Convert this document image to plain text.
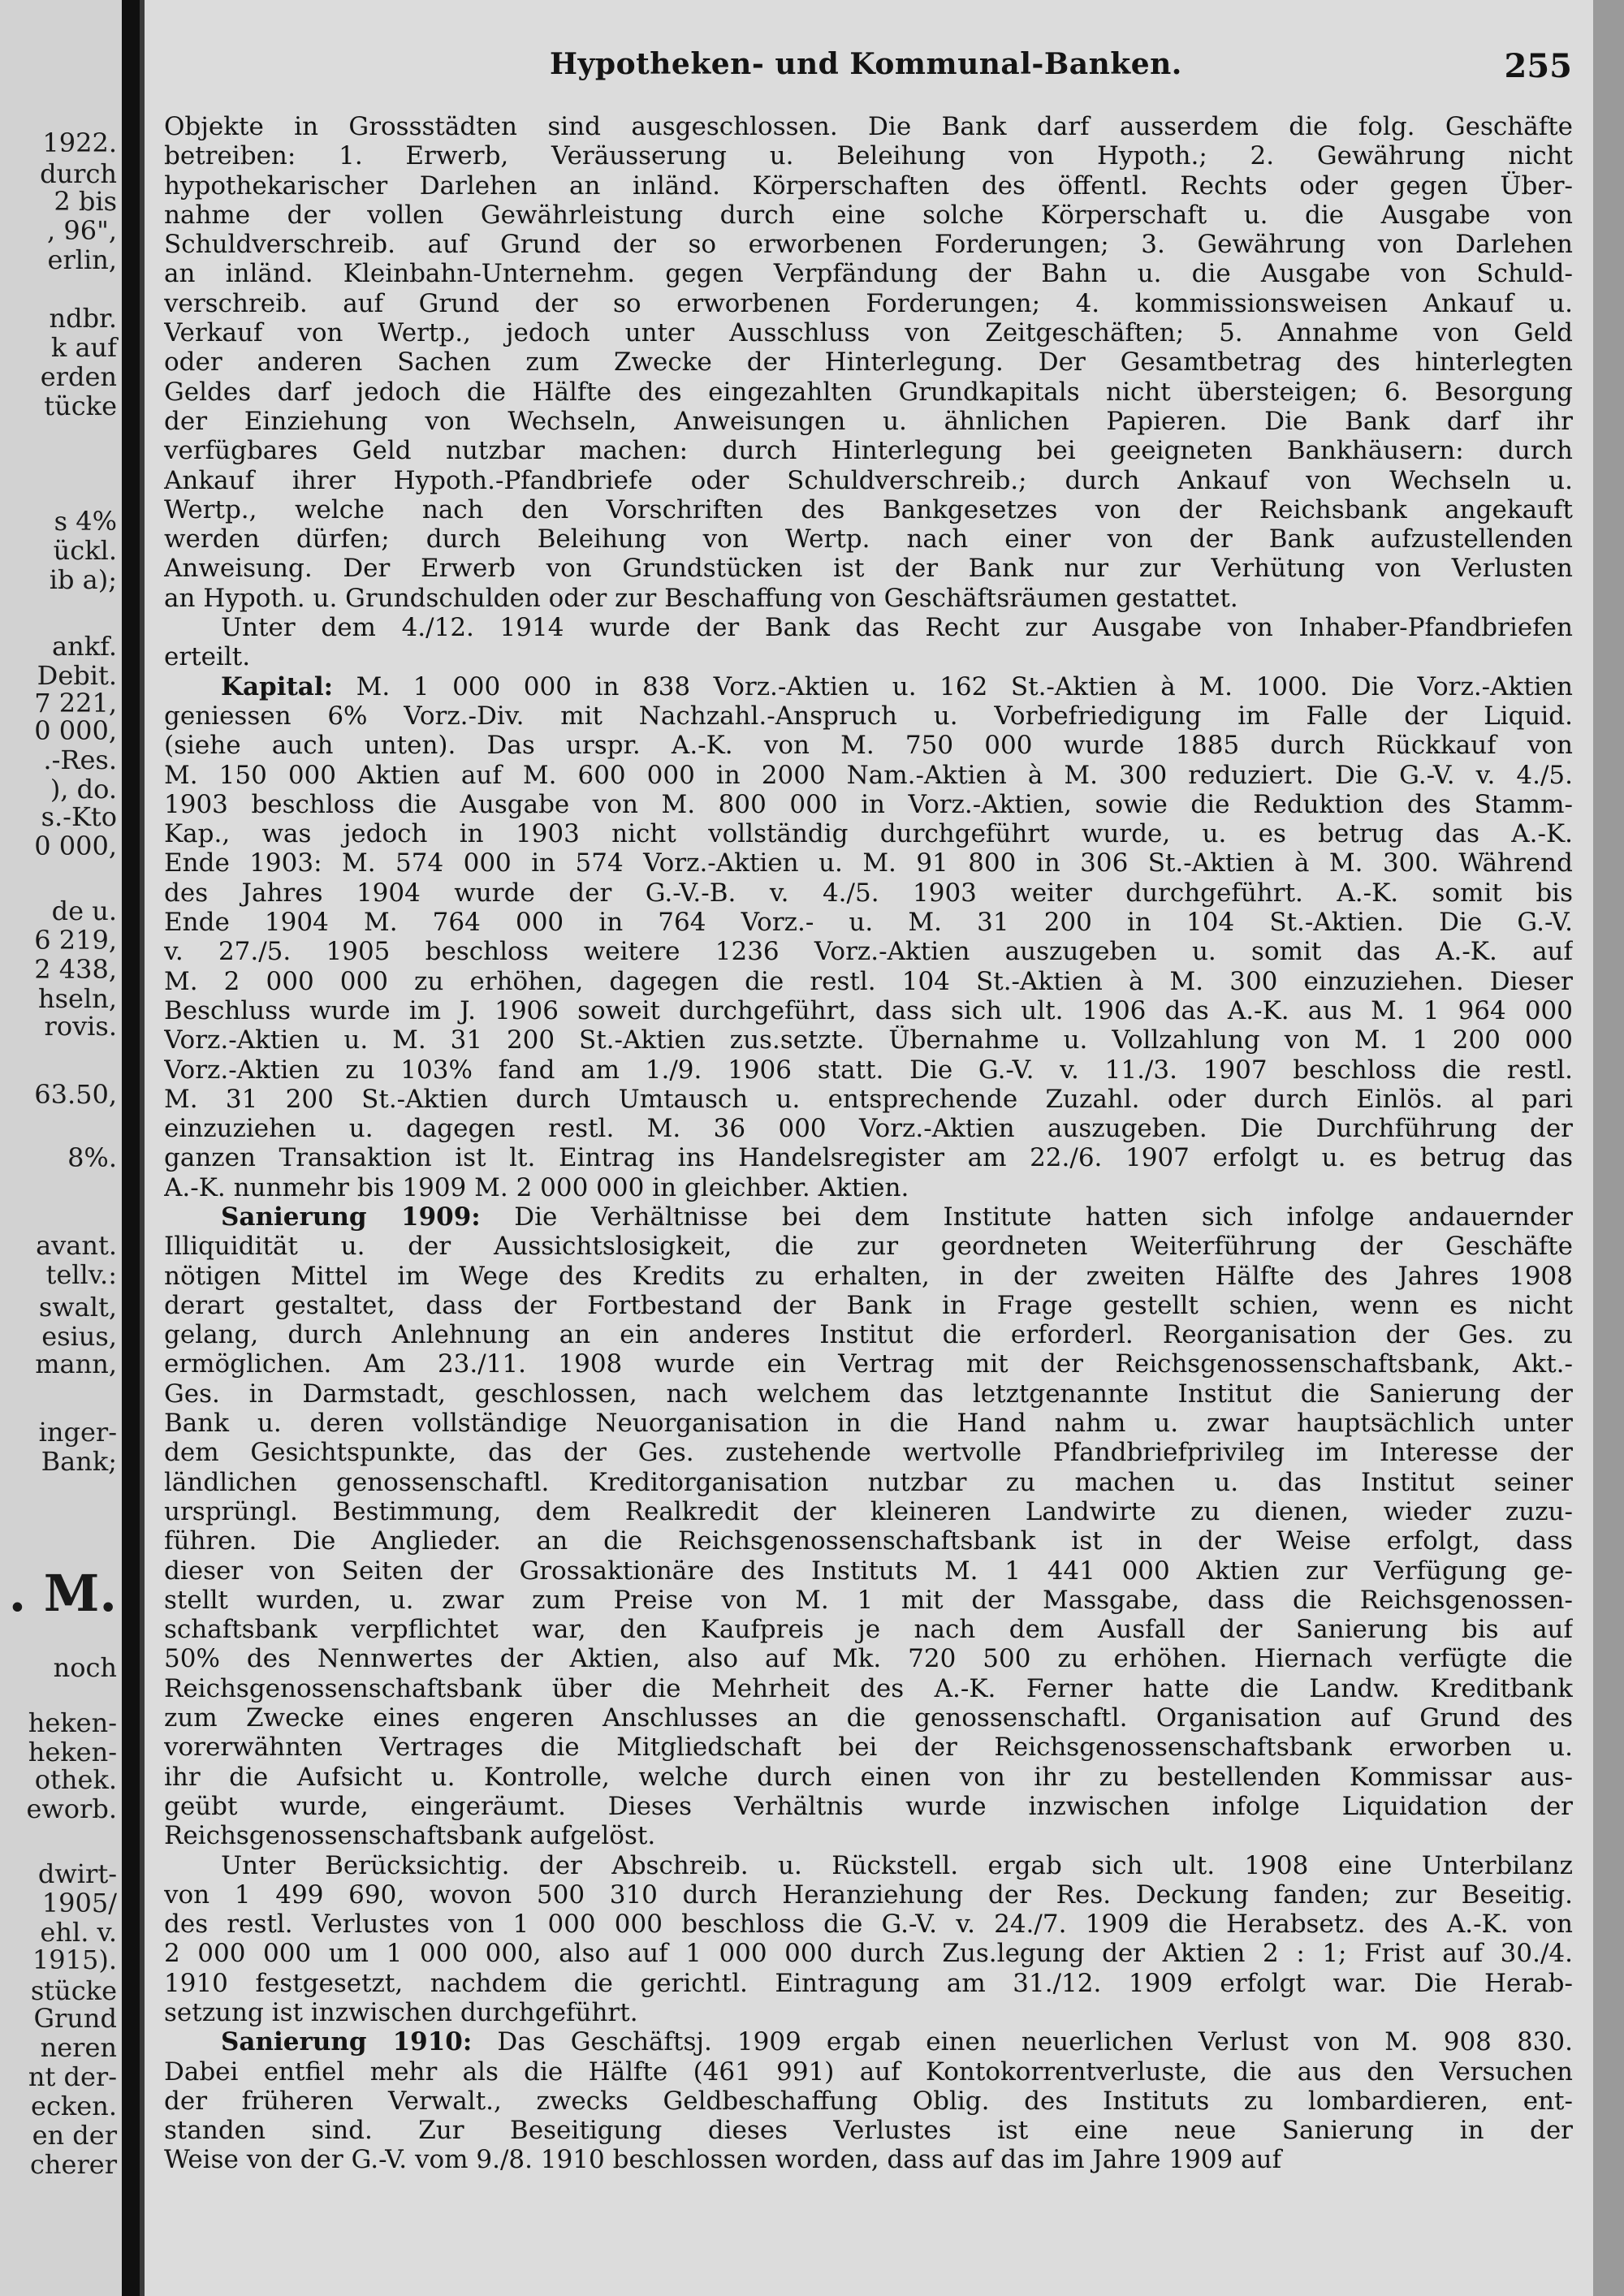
1922.
durch
2 bis
, 96",
erlin,
ndbr.
k auf
erden
tücke
s 4%
ückl.
ib a);
ankf.
Debit.
7 221,
0 000,
.-Res.
), do.
s.-Kto
0 000,
de u.
6 219,
2 438,
hseln,
rovis.
63.50,
8%.
avant.
tellv.:
swalt,
esius,
mann,
inger-
Bank;
. M.
noch
heken-
heken-
othek.
eworb.
dwirt-
1905/
ehl. v.
1915).
stücke
Grund
neren
nt der-
ecken.
en der
cherer
Hypotheken- und Kommunal-Banken.	255
Objekte in Grossstädten sind ausgeschlossen. Die Bank darf ausserdem die folg. Geschäfte
betreiben: 1. Erwerb, Veräusserung u. Beleihung von Hypoth.; 2. Gewährung nicht
hypothekarischer Darlehen an inländ. Körperschaften des öffentl. Rechts oder gegen Über-
nahme der vollen Gewährleistung durch eine solche Körperschaft u. die Ausgabe von
Schuldverschreib. auf Grund der so erworbenen Forderungen; 3. Gewährung von Darlehen
an inländ. Kleinbahn-Unternehm. gegen Verpfändung der Bahn u. die Ausgabe von Schuld-
verschreib. auf Grund der so erworbenen Forderungen; 4. kommissionsweisen Ankauf u.
Verkauf von Wertp., jedoch unter Ausschluss von Zeitgeschäften; 5. Annahme von Geld
oder anderen Sachen zum Zwecke der Hinterlegung. Der Gesamtbetrag des hinterlegten
Geldes darf jedoch die Hälfte des eingezahlten Grundkapitals nicht übersteigen; 6. Besorgung
der Einziehung von Wechseln, Anweisungen u. ähnlichen Papieren. Die Bank darf ihr
verfügbares Geld nutzbar machen: durch Hinterlegung bei geeigneten Bankhäusern: durch
Ankauf ihrer Hypoth.-Pfandbriefe oder Schuldverschreib.; durch Ankauf von Wechseln u.
Wertp., welche nach den Vorschriften des Bankgesetzes von der Reichsbank angekauft
werden dürfen; durch Beleihung von Wertp. nach einer von der Bank aufzustellenden
Anweisung. Der Erwerb von Grundstücken ist der Bank nur zur Verhütung von Verlusten
an Hypoth. u. Grundschulden oder zur Beschaffung von Geschäftsräumen gestattet.
Unter dem 4./12. 1914 wurde der Bank das Recht zur Ausgabe von Inhaber-Pfandbriefen
erteilt.
Kapital: M. 1 000 000 in 838 Vorz.-Aktien u. 162 St.-Aktien à M. 1000. Die Vorz.-Aktien
geniessen 6% Vorz.-Div. mit Nachzahl.-Anspruch u. Vorbefriedigung im Falle der Liquid.
(siehe auch unten). Das urspr. A.-K. von M. 750 000 wurde 1885 durch Rückkauf von
M. 150 000 Aktien auf M. 600 000 in 2000 Nam.-Aktien à M. 300 reduziert. Die G.-V. v. 4./5.
1903 beschloss die Ausgabe von M. 800 000 in Vorz.-Aktien, sowie die Reduktion des Stamm-
Kap., was jedoch in 1903 nicht vollständig durchgeführt wurde, u. es betrug das A.-K.
Ende 1903: M. 574 000 in 574 Vorz.-Aktien u. M. 91 800 in 306 St.-Aktien à M. 300. Während
des Jahres 1904 wurde der G.-V.-B. v. 4./5. 1903 weiter durchgeführt. A.-K. somit bis
Ende 1904 M. 764 000 in 764 Vorz.- u. M. 31 200 in 104 St.-Aktien. Die G.-V.
v. 27./5. 1905 beschloss weitere 1236 Vorz.-Aktien auszugeben u. somit das A.-K. auf
M. 2 000 000 zu erhöhen, dagegen die restl. 104 St.-Aktien à M. 300 einzuziehen. Dieser
Beschluss wurde im J. 1906 soweit durchgeführt, dass sich ult. 1906 das A.-K. aus M. 1 964 000
Vorz.-Aktien u. M. 31 200 St.-Aktien zus.setzte. Übernahme u. Vollzahlung von M. 1 200 000
Vorz.-Aktien zu 103% fand am 1./9. 1906 statt. Die G.-V. v. 11./3. 1907 beschloss die restl.
M. 31 200 St.-Aktien durch Umtausch u. entsprechende Zuzahl. oder durch Einlös. al pari
einzuziehen u. dagegen restl. M. 36 000 Vorz.-Aktien auszugeben. Die Durchführung der
ganzen Transaktion ist lt. Eintrag ins Handelsregister am 22./6. 1907 erfolgt u. es betrug das
A.-K. nunmehr bis 1909 M. 2 000 000 in gleichber. Aktien.
Sanierung 1909: Die Verhältnisse bei dem Institute hatten sich infolge andauernder
Illiquidität u. der Aussichtslosigkeit, die zur geordneten Weiterführung der Geschäfte
nötigen Mittel im Wege des Kredits zu erhalten, in der zweiten Hälfte des Jahres 1908
derart gestaltet, dass der Fortbestand der Bank in Frage gestellt schien, wenn es nicht
gelang, durch Anlehnung an ein anderes Institut die erforderl. Reorganisation der Ges. zu
ermöglichen. Am 23./11. 1908 wurde ein Vertrag mit der Reichsgenossenschaftsbank, Akt.-
Ges. in Darmstadt, geschlossen, nach welchem das letztgenannte Institut die Sanierung der
Bank u. deren vollständige Neuorganisation in die Hand nahm u. zwar hauptsächlich unter
dem Gesichtspunkte, das der Ges. zustehende wertvolle Pfandbriefprivileg im Interesse der
ländlichen genossenschaftl. Kreditorganisation nutzbar zu machen u. das Institut seiner
ursprüngl. Bestimmung, dem Realkredit der kleineren Landwirte zu dienen, wieder zuzu-
führen. Die Anglieder. an die Reichsgenossenschaftsbank ist in der Weise erfolgt, dass
dieser von Seiten der Grossaktionäre des Instituts M. 1 441 000 Aktien zur Verfügung ge-
stellt wurden, u. zwar zum Preise von M. 1 mit der Massgabe, dass die Reichsgenossen-
schaftsbank verpflichtet war, den Kaufpreis je nach dem Ausfall der Sanierung bis auf
50% des Nennwertes der Aktien, also auf Mk. 720 500 zu erhöhen. Hiernach verfügte die
Reichsgenossenschaftsbank über die Mehrheit des A.-K. Ferner hatte die Landw. Kreditbank
zum Zwecke eines engeren Anschlusses an die genossenschaftl. Organisation auf Grund des
vorerwähnten Vertrages die Mitgliedschaft bei der Reichsgenossenschaftsbank erworben u.
ihr die Aufsicht u. Kontrolle, welche durch einen von ihr zu bestellenden Kommissar aus-
geübt wurde, eingeräumt. Dieses Verhältnis wurde inzwischen infolge Liquidation der
Reichsgenossenschaftsbank aufgelöst.
Unter Berücksichtig. der Abschreib. u. Rückstell. ergab sich ult. 1908 eine Unterbilanz
von 1 499 690, wovon 500 310 durch Heranziehung der Res. Deckung fanden; zur Beseitig.
des restl. Verlustes von 1 000 000 beschloss die G.-V. v. 24./7. 1909 die Herabsetz. des A.-K. von
2 000 000 um 1 000 000, also auf 1 000 000 durch Zus.legung der Aktien 2 : 1; Frist auf 30./4.
1910 festgesetzt, nachdem die gerichtl. Eintragung am 31./12. 1909 erfolgt war. Die Herab-
setzung ist inzwischen durchgeführt.
Sanierung 1910: Das Geschäftsj. 1909 ergab einen neuerlichen Verlust von M. 908 830.
Dabei entfiel mehr als die Hälfte (461 991) auf Kontokorrentverluste, die aus den Versuchen
der früheren Verwalt., zwecks Geldbeschaffung Oblig. des Instituts zu lombardieren, ent-
standen sind. Zur Beseitigung dieses Verlustes ist eine neue Sanierung in der
Weise von der G.-V. vom 9./8. 1910 beschlossen worden, dass auf das im Jahre 1909 auf
